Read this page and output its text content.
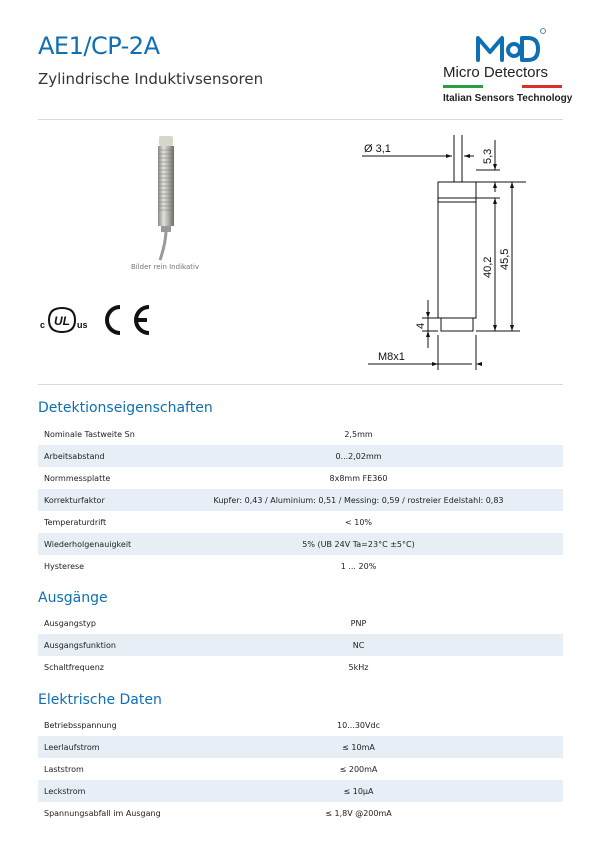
AE1/CP-2A
Zylindrische Induktivsensoren	Micro Detectors
Italian Sensors Technology
Bilder rein Indikativ
c	us
UL
Ø 3,1	5,3
40,2 45,5
4
M8x1
Detektionseigenschaften
Nominale Tastweite Sn	2,5mm
Arbeitsabstand	0...2,02mm
Normmessplatte	8x8mm FE360
Korrekturfaktor	Kupfer: 0,43 / Aluminium: 0,51 / Messing: 0,59 / rostreier Edelstahl: 0,83
Temperaturdrift	< 10%
Wiederholgenauigkeit	5% (UB 24V Ta=23°C ±5°C)
Hysterese	1 ... 20%
Ausgänge
Ausgangstyp	PNP
Ausgangsfunktion	NC
Schaltfrequenz	5kHz
Elektrische Daten
Betriebsspannung	10...30Vdc
Leerlaufstrom	≤ 10mA
Laststrom	≤ 200mA
Leckstrom	≤ 10µA
Spannungsabfall im Ausgang	≤ 1,8V @200mA
